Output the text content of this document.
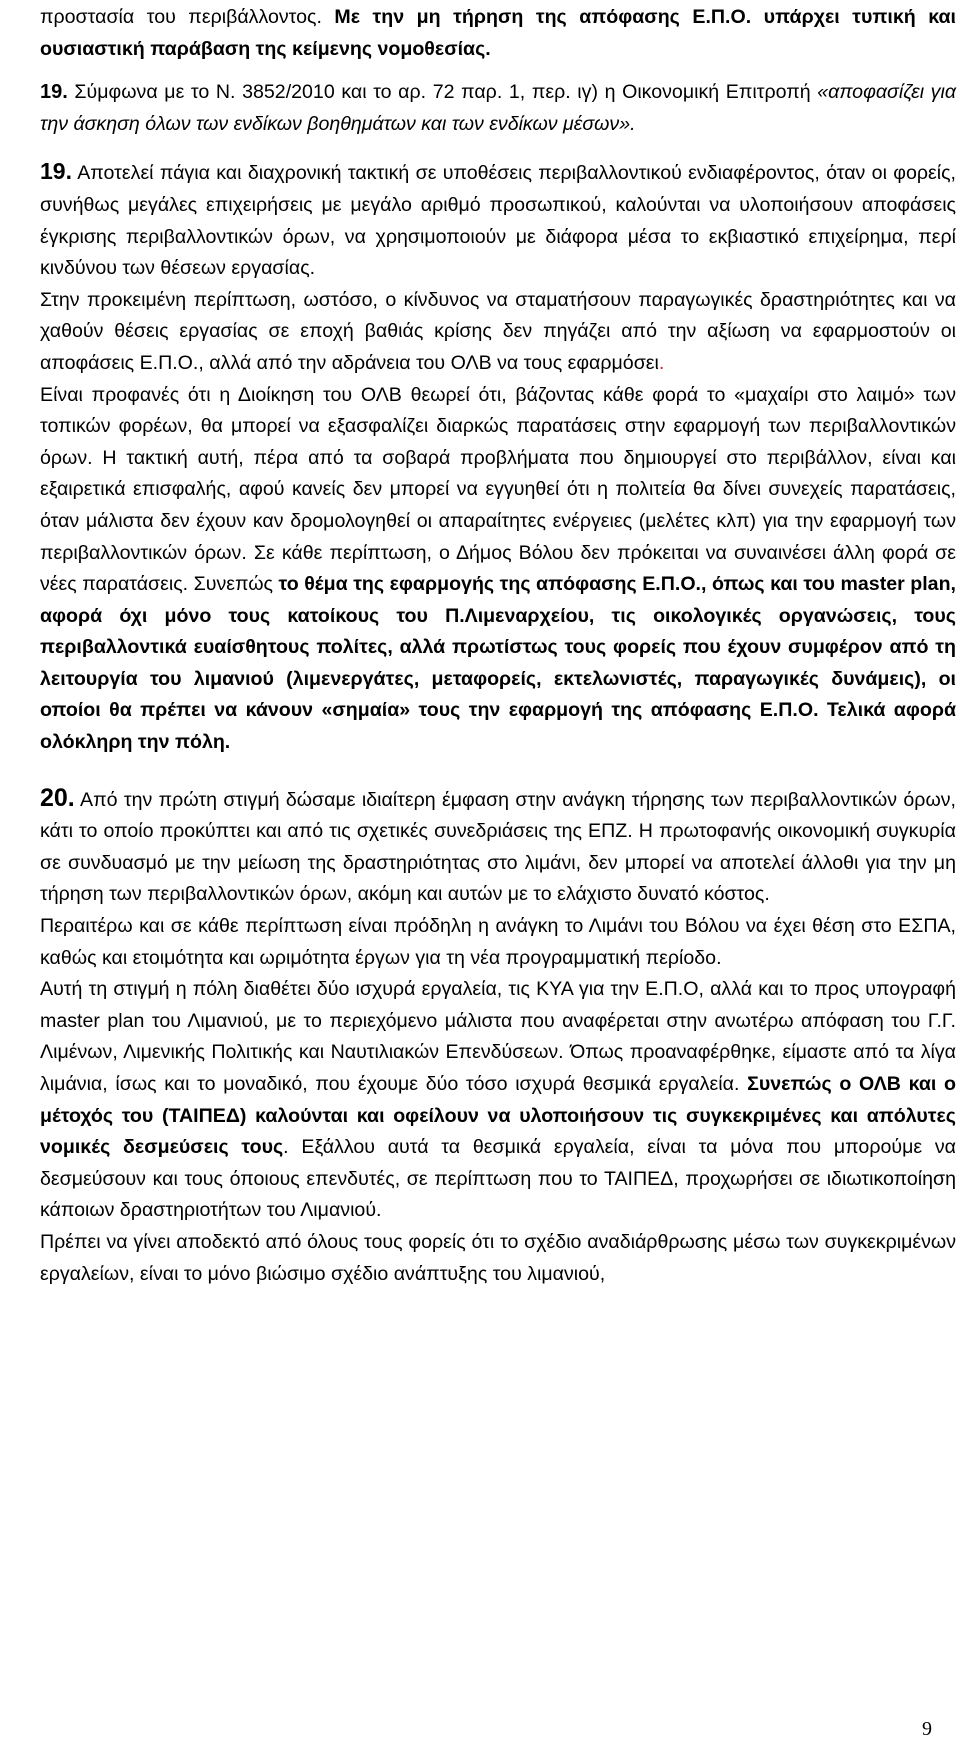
προστασία του περιβάλλοντος. Με την μη τήρηση της απόφασης Ε.Π.Ο. υπάρχει τυπική και ουσιαστική παράβαση της κείμενης νομοθεσίας.

19. Σύμφωνα με το Ν. 3852/2010 και το αρ. 72 παρ. 1, περ. ιγ) η Οικονομική Επιτροπή «αποφασίζει για την άσκηση όλων των ενδίκων βοηθημάτων και των ενδίκων μέσων».

19. Αποτελεί πάγια και διαχρονική τακτική σε υποθέσεις περιβαλλοντικού ενδιαφέροντος, όταν οι φορείς, συνήθως μεγάλες επιχειρήσεις με μεγάλο αριθμό προσωπικού, καλούνται να υλοποιήσουν αποφάσεις έγκρισης περιβαλλοντικών όρων, να χρησιμοποιούν με διάφορα μέσα το εκβιαστικό επιχείρημα, περί κινδύνου των θέσεων εργασίας.

Στην προκειμένη περίπτωση, ωστόσο, ο κίνδυνος να σταματήσουν παραγωγικές δραστηριότητες και να χαθούν θέσεις εργασίας σε εποχή βαθιάς κρίσης δεν πηγάζει από την αξίωση να εφαρμοστούν οι αποφάσεις Ε.Π.Ο., αλλά από την αδράνεια του ΟΛΒ να τους εφαρμόσει.

Είναι προφανές ότι η Διοίκηση του ΟΛΒ θεωρεί ότι, βάζοντας κάθε φορά το «μαχαίρι στο λαιμό» των τοπικών φορέων, θα μπορεί να εξασφαλίζει διαρκώς παρατάσεις στην εφαρμογή των περιβαλλοντικών όρων. Η τακτική αυτή, πέρα από τα σοβαρά προβλήματα που δημιουργεί στο περιβάλλον, είναι και εξαιρετικά επισφαλής, αφού κανείς δεν μπορεί να εγγυηθεί ότι η πολιτεία θα δίνει συνεχείς παρατάσεις, όταν μάλιστα δεν έχουν καν δρομολογηθεί οι απαραίτητες ενέργειες (μελέτες κλπ) για την εφαρμογή των περιβαλλοντικών όρων. Σε κάθε περίπτωση, ο Δήμος Βόλου δεν πρόκειται να συναινέσει άλλη φορά σε νέες παρατάσεις. Συνεπώς το θέμα της εφαρμογής της απόφασης Ε.Π.Ο., όπως και του master plan, αφορά όχι μόνο τους κατοίκους του Π.Λιμεναρχείου, τις οικολογικές οργανώσεις, τους περιβαλλοντικά ευαίσθητους πολίτες, αλλά πρωτίστως τους φορείς που έχουν συμφέρον από τη λειτουργία του λιμανιού (λιμενεργάτες, μεταφορείς, εκτελωνιστές, παραγωγικές δυνάμεις), οι οποίοι θα πρέπει να κάνουν «σημαία» τους την εφαρμογή της απόφασης Ε.Π.Ο. Τελικά αφορά ολόκληρη την πόλη.

20. Από την πρώτη στιγμή δώσαμε ιδιαίτερη έμφαση στην ανάγκη τήρησης των περιβαλλοντικών όρων, κάτι το οποίο προκύπτει και από τις σχετικές συνεδριάσεις της ΕΠΖ. Η πρωτοφανής οικονομική συγκυρία σε συνδυασμό με την μείωση της δραστηριότητας στο λιμάνι, δεν μπορεί να αποτελεί άλλοθι για την μη τήρηση των περιβαλλοντικών όρων, ακόμη και αυτών με το ελάχιστο δυνατό κόστος.

Περαιτέρω και σε κάθε περίπτωση είναι πρόδηλη η ανάγκη το Λιμάνι του Βόλου να έχει θέση στο ΕΣΠΑ, καθώς και ετοιμότητα και ωριμότητα έργων για τη νέα προγραμματική περίοδο.

Αυτή τη στιγμή η πόλη διαθέτει δύο ισχυρά εργαλεία, τις ΚΥΑ για την Ε.Π.Ο, αλλά και το προς υπογραφή master plan του Λιμανιού, με το περιεχόμενο μάλιστα που αναφέρεται στην ανωτέρω απόφαση του Γ.Γ. Λιμένων, Λιμενικής Πολιτικής και Ναυτιλιακών Επενδύσεων. Όπως προαναφέρθηκε, είμαστε από τα λίγα λιμάνια, ίσως και το μοναδικό, που έχουμε δύο τόσο ισχυρά θεσμικά εργαλεία. Συνεπώς ο ΟΛΒ και ο μέτοχός του (ΤΑΙΠΕΔ) καλούνται και οφείλουν να υλοποιήσουν τις συγκεκριμένες και απόλυτες νομικές δεσμεύσεις τους. Εξάλλου αυτά τα θεσμικά εργαλεία, είναι τα μόνα που μπορούμε να δεσμεύσουν και τους όποιους επενδυτές, σε περίπτωση που το ΤΑΙΠΕΔ, προχωρήσει σε ιδιωτικοποίηση κάποιων δραστηριοτήτων του Λιμανιού.

Πρέπει να γίνει αποδεκτό από όλους τους φορείς ότι το σχέδιο αναδιάρθρωσης μέσω των συγκεκριμένων εργαλείων, είναι το μόνο βιώσιμο σχέδιο ανάπτυξης του λιμανιού,

9
